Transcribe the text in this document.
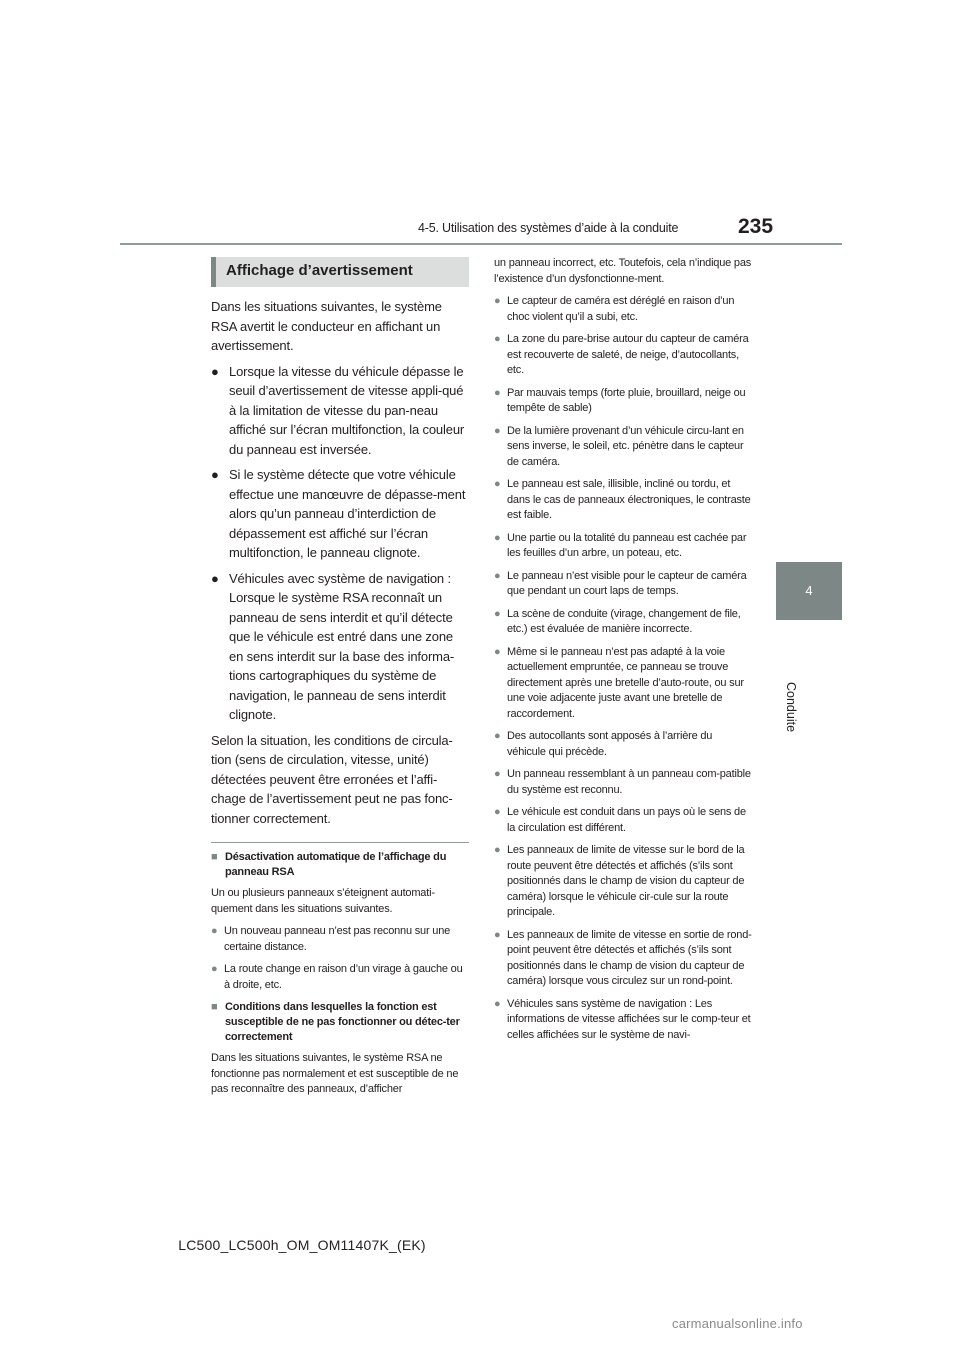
4-5. Utilisation des systèmes d’aide à la conduite	235
4
Conduite
Affichage d’avertissement

Dans les situations suivantes, le système RSA avertit le conducteur en affichant un avertissement.

● Lorsque la vitesse du véhicule dépasse le seuil d’avertissement de vitesse appli-qué à la limitation de vitesse du pan-neau affiché sur l’écran multifonction, la couleur du panneau est inversée.
● Si le système détecte que votre véhicule effectue une manœuvre de dépasse-ment alors qu’un panneau d’interdiction de dépassement est affiché sur l’écran multifonction, le panneau clignote.
● Véhicules avec système de navigation : Lorsque le système RSA reconnaît un panneau de sens interdit et qu’il détecte que le véhicule est entré dans une zone en sens interdit sur la base des informa-tions cartographiques du système de navigation, le panneau de sens interdit clignote.

Selon la situation, les conditions de circula-tion (sens de circulation, vitesse, unité) détectées peuvent être erronées et l’affi-chage de l’avertissement peut ne pas fonc-tionner correctement.

■ Désactivation automatique de l’affichage du panneau RSA

Un ou plusieurs panneaux s’éteignent automati-quement dans les situations suivantes.

● Un nouveau panneau n’est pas reconnu sur une certaine distance.
● La route change en raison d’un virage à gauche ou à droite, etc.
■ Conditions dans lesquelles la fonction est susceptible de ne pas fonctionner ou détec-ter correctement

Dans les situations suivantes, le système RSA ne fonctionne pas normalement et est susceptible de ne pas reconnaître des panneaux, d’afficher

un panneau incorrect, etc. Toutefois, cela n’indique pas l’existence d’un dysfonctionne-ment.

● Le capteur de caméra est déréglé en raison d’un choc violent qu’il a subi, etc.
● La zone du pare-brise autour du capteur de caméra est recouverte de saleté, de neige, d’autocollants, etc.
● Par mauvais temps (forte pluie, brouillard, neige ou tempête de sable)
● De la lumière provenant d’un véhicule circu-lant en sens inverse, le soleil, etc. pénètre dans le capteur de caméra.
● Le panneau est sale, illisible, incliné ou tordu, et dans le cas de panneaux électroniques, le contraste est faible.
● Une partie ou la totalité du panneau est cachée par les feuilles d’un arbre, un poteau, etc.
● Le panneau n’est visible pour le capteur de caméra que pendant un court laps de temps.
● La scène de conduite (virage, changement de file, etc.) est évaluée de manière incorrecte.
● Même si le panneau n’est pas adapté à la voie actuellement empruntée, ce panneau se trouve directement après une bretelle d’auto-route, ou sur une voie adjacente juste avant une bretelle de raccordement.
● Des autocollants sont apposés à l’arrière du véhicule qui précède.
● Un panneau ressemblant à un panneau com-patible du système est reconnu.
● Le véhicule est conduit dans un pays où le sens de la circulation est différent.
● Les panneaux de limite de vitesse sur le bord de la route peuvent être détectés et affichés (s’ils sont positionnés dans le champ de vision du capteur de caméra) lorsque le véhicule cir-cule sur la route principale.
● Les panneaux de limite de vitesse en sortie de rond-point peuvent être détectés et affichés (s’ils sont positionnés dans le champ de vision du capteur de caméra) lorsque vous circulez sur un rond-point.
● Véhicules sans système de navigation : Les informations de vitesse affichées sur le comp-teur et celles affichées sur le système de navi-
LC500_LC500h_OM_OM11407K_(EK)
carmanualsonline.info
